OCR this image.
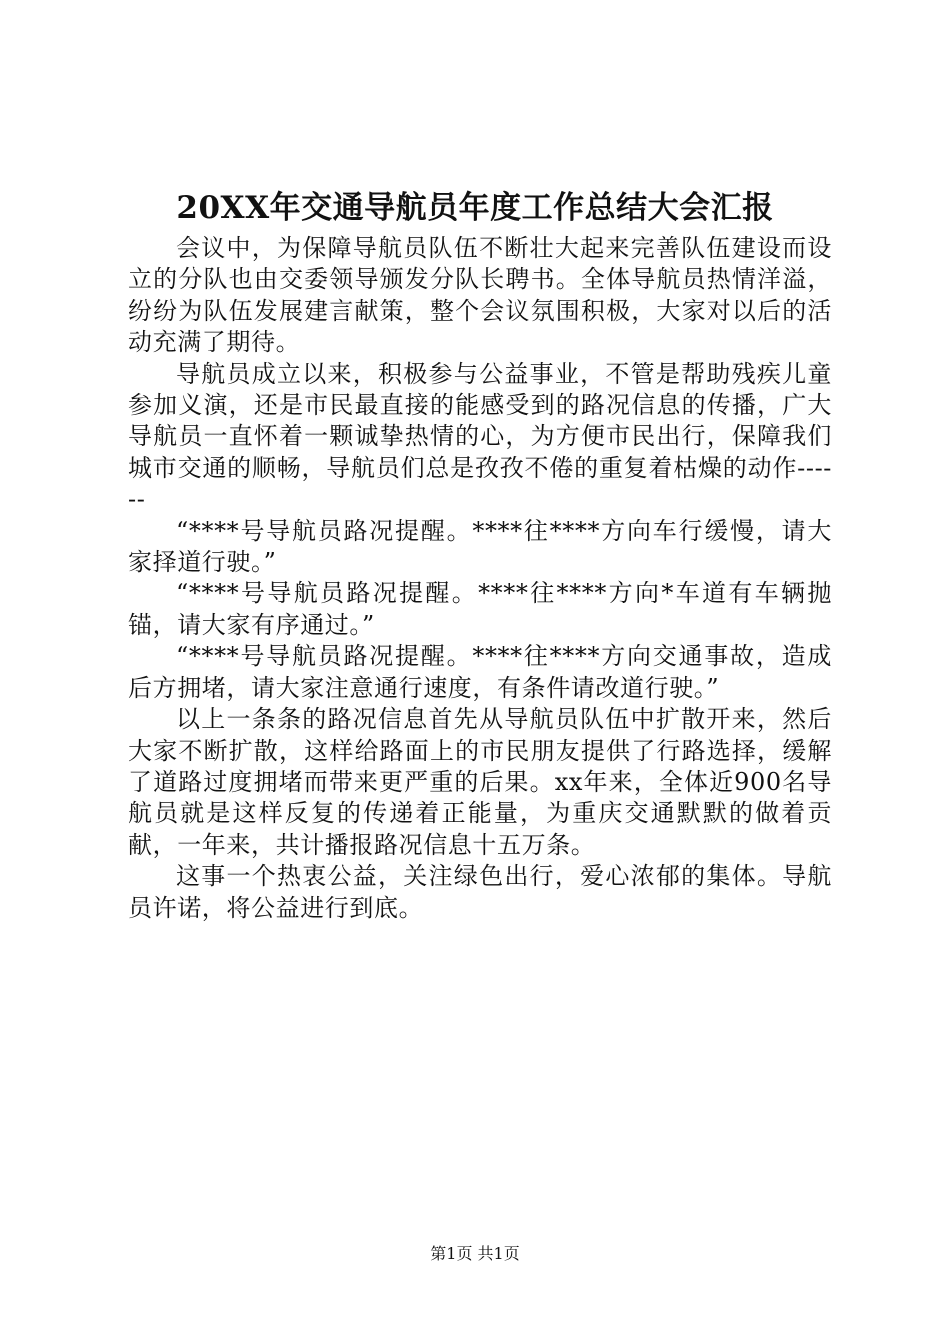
20XX年交通导航员年度工作总结大会汇报

会议中，为保障导航员队伍不断壮大起来完善队伍建设而设立的分队也由交委领导颁发分队长聘书。全体导航员热情洋溢，纷纷为队伍发展建言献策，整个会议氛围积极，大家对以后的活动充满了期待。

导航员成立以来，积极参与公益事业，不管是帮助残疾儿童参加义演，还是市民最直接的能感受到的路况信息的传播，广大导航员一直怀着一颗诚挚热情的心，为方便市民出行，保障我们城市交通的顺畅，导航员们总是孜孜不倦的重复着枯燥的动作------

“****号导航员路况提醒。****往****方向车行缓慢，请大家择道行驶。”

“****号导航员路况提醒。****往****方向*车道有车辆抛锚，请大家有序通过。”

“****号导航员路况提醒。****往****方向交通事故，造成后方拥堵，请大家注意通行速度，有条件请改道行驶。”

以上一条条的路况信息首先从导航员队伍中扩散开来，然后大家不断扩散，这样给路面上的市民朋友提供了行路选择，缓解了道路过度拥堵而带来更严重的后果。xx年来，全体近900名导航员就是这样反复的传递着正能量，为重庆交通默默的做着贡献，一年来，共计播报路况信息十五万条。

这事一个热衷公益，关注绿色出行，爱心浓郁的集体。导航员许诺，将公益进行到底。

第1页 共1页
